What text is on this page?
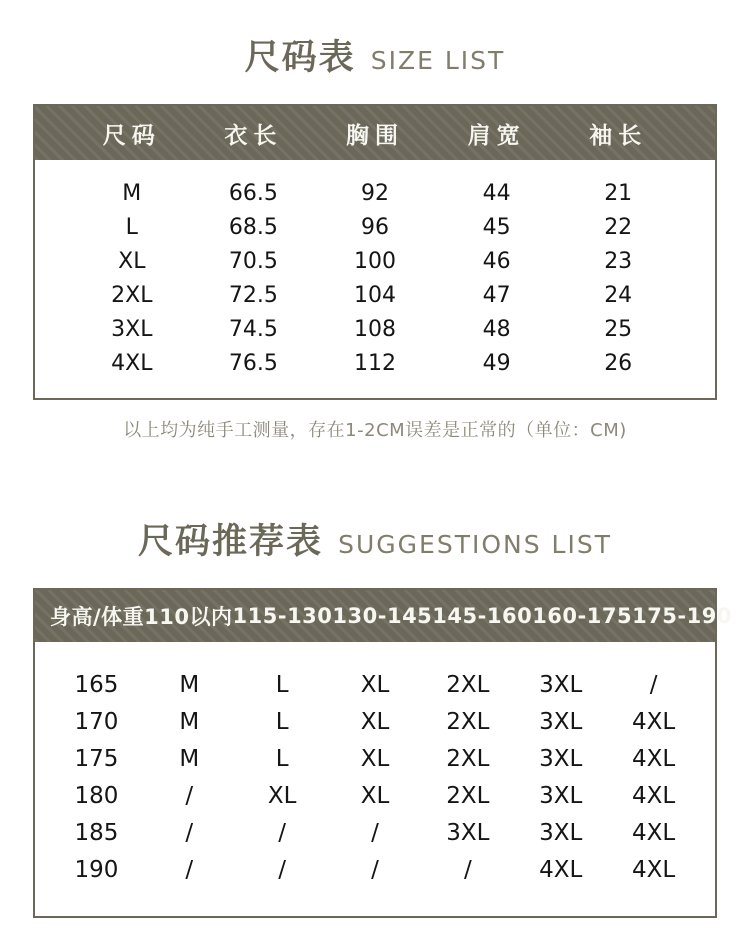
尺码表 SIZE LIST
尺码	衣长	胸围	肩宽	袖长
M	66.5	92	44	21
L	68.5	96	45	22
XL	70.5	100	46	23
2XL	72.5	104	47	24
3XL	74.5	108	48	25
4XL	76.5	112	49	26
以上均为纯手工测量，存在1-2CM误差是正常的（单位：CM)
尺码推荐表 SUGGESTIONS LIST
身高/体重 110以内 115-130 130-145 145-160 160-175 175-190
165	M	L	XL	2XL	3XL	/
170	M	L	XL	2XL	3XL	4XL
175	M	L	XL	2XL	3XL	4XL
180	/	XL	XL	2XL	3XL	4XL
185	/	/	/	3XL	3XL	4XL
190	/	/	/	/	4XL	4XL
